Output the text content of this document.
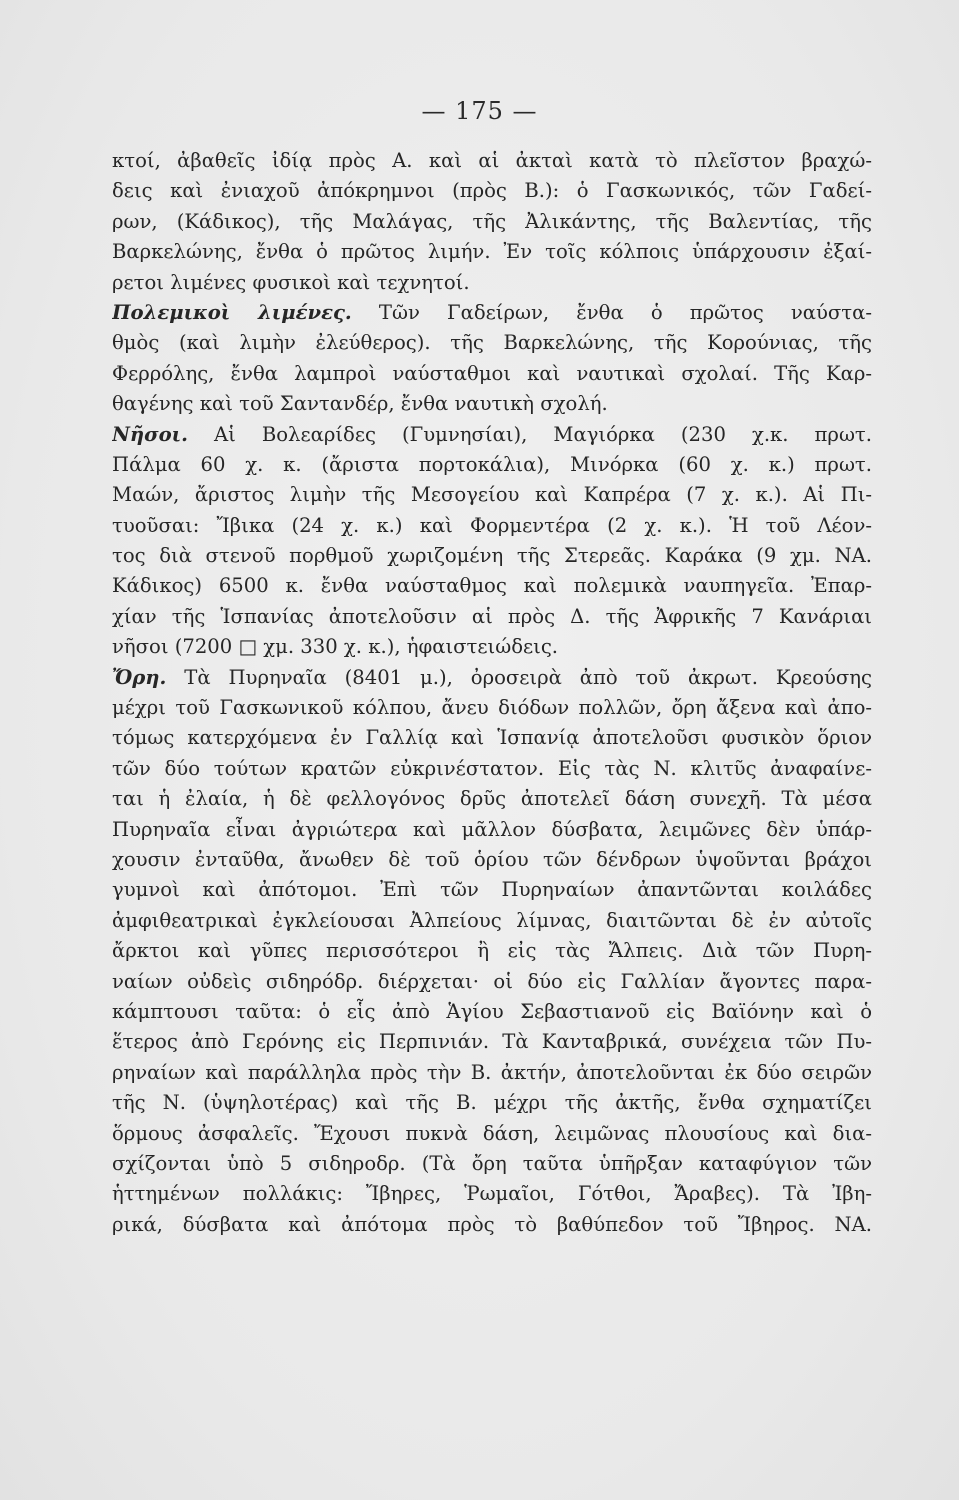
— 175 —
κτοί, ἀβαθεῖς ἰδίᾳ πρὸς Α. καὶ αἱ ἀκταὶ κατὰ τὸ πλεῖστον βραχώ-
δεις καὶ ἐνιαχοῦ ἀπόκρημνοι (πρὸς Β.): ὁ Γασκωνικός, τῶν Γαδεί-
ρων, (Κάδικος), τῆς Μαλάγας, τῆς Ἀλικάντης, τῆς Βαλεντίας, τῆς
Βαρκελώνης, ἔνθα ὁ πρῶτος λιμήν. Ἐν τοῖς κόλποις ὑπάρχουσιν ἐξαί-
ρετοι λιμένες φυσικοὶ καὶ τεχνητοί.
Πολεμικοὶ λιμένες. Τῶν Γαδείρων, ἔνθα ὁ πρῶτος ναύστα-
θμὸς (καὶ λιμὴν ἐλεύθερος). τῆς Βαρκελώνης, τῆς Κορούνιας, τῆς
Φερρόλης, ἔνθα λαμπροὶ ναύσταθμοι καὶ ναυτικαὶ σχολαί. Τῆς Καρ-
θαγένης καὶ τοῦ Σαντανδέρ, ἔνθα ναυτικὴ σχολή.
Νῆσοι. Αἱ Βολεαρίδες (Γυμνησίαι), Μαγιόρκα (230 χ.κ. πρωτ.
Πάλμα 60 χ. κ. (ἄριστα πορτοκάλια), Μινόρκα (60 χ. κ.) πρωτ.
Μαών, ἄριστος λιμὴν τῆς Μεσογείου καὶ Καπρέρα (7 χ. κ.). Αἱ Πι-
τυοῦσαι: Ἴβικα (24 χ. κ.) καὶ Φορμεντέρα (2 χ. κ.). Ἡ τοῦ Λέον-
τος διὰ στενοῦ πορθμοῦ χωριζομένη τῆς Στερεᾶς. Καράκα (9 χμ. ΝΑ.
Κάδικος) 6500 κ. ἔνθα ναύσταθμος καὶ πολεμικὰ ναυπηγεῖα. Ἐπαρ-
χίαν τῆς Ἱσπανίας ἀποτελοῦσιν αἱ πρὸς Δ. τῆς Ἀφρικῆς 7 Κανάριαι
νῆσοι (7200 □ χμ. 330 χ. κ.), ἡφαιστειώδεις.
Ὄρη. Τὰ Πυρηναῖα (8401 μ.), ὀροσειρὰ ἀπὸ τοῦ ἀκρωτ. Κρεούσης
μέχρι τοῦ Γασκωνικοῦ κόλπου, ἄνευ διόδων πολλῶν, ὄρη ἄξενα καὶ ἀπο-
τόμως κατερχόμενα ἐν Γαλλίᾳ καὶ Ἱσπανίᾳ ἀποτελοῦσι φυσικὸν ὅριον
τῶν δύο τούτων κρατῶν εὐκρινέστατον. Εἰς τὰς Ν. κλιτῦς ἀναφαίνε-
ται ἡ ἐλαία, ἡ δὲ φελλογόνος δρῦς ἀποτελεῖ δάση συνεχῆ. Τὰ μέσα
Πυρηναῖα εἶναι ἀγριώτερα καὶ μᾶλλον δύσβατα, λειμῶνες δὲν ὑπάρ-
χουσιν ἐνταῦθα, ἄνωθεν δὲ τοῦ ὁρίου τῶν δένδρων ὑψοῦνται βράχοι
γυμνοὶ καὶ ἀπότομοι. Ἐπὶ τῶν Πυρηναίων ἀπαντῶνται κοιλάδες
ἀμφιθεατρικαὶ ἐγκλείουσαι Ἀλπείους λίμνας, διαιτῶνται δὲ ἐν αὐτοῖς
ἄρκτοι καὶ γῦπες περισσότεροι ἢ εἰς τὰς Ἄλπεις. Διὰ τῶν Πυρη-
ναίων οὐδεὶς σιδηρόδρ. διέρχεται· οἱ δύο εἰς Γαλλίαν ἄγοντες παρα-
κάμπτουσι ταῦτα: ὁ εἷς ἀπὸ Ἁγίου Σεβαστιανοῦ εἰς Βαϊόνην καὶ ὁ
ἕτερος ἀπὸ Γερόνης εἰς Περπινιάν. Τὰ Κανταβρικά, συνέχεια τῶν Πυ-
ρηναίων καὶ παράλληλα πρὸς τὴν Β. ἀκτήν, ἀποτελοῦνται ἐκ δύο σειρῶν
τῆς Ν. (ὑψηλοτέρας) καὶ τῆς Β. μέχρι τῆς ἀκτῆς, ἔνθα σχηματίζει
ὅρμους ἀσφαλεῖς. Ἔχουσι πυκνὰ δάση, λειμῶνας πλουσίους καὶ δια-
σχίζονται ὑπὸ 5 σιδηροδρ. (Τὰ ὄρη ταῦτα ὑπῆρξαν καταφύγιον τῶν
ἡττημένων πολλάκις: Ἴβηρες, Ῥωμαῖοι, Γότθοι, Ἄραβες). Τὰ Ἰβη-
ρικά, δύσβατα καὶ ἀπότομα πρὸς τὸ βαθύπεδον τοῦ Ἴβηρος. ΝΑ.
